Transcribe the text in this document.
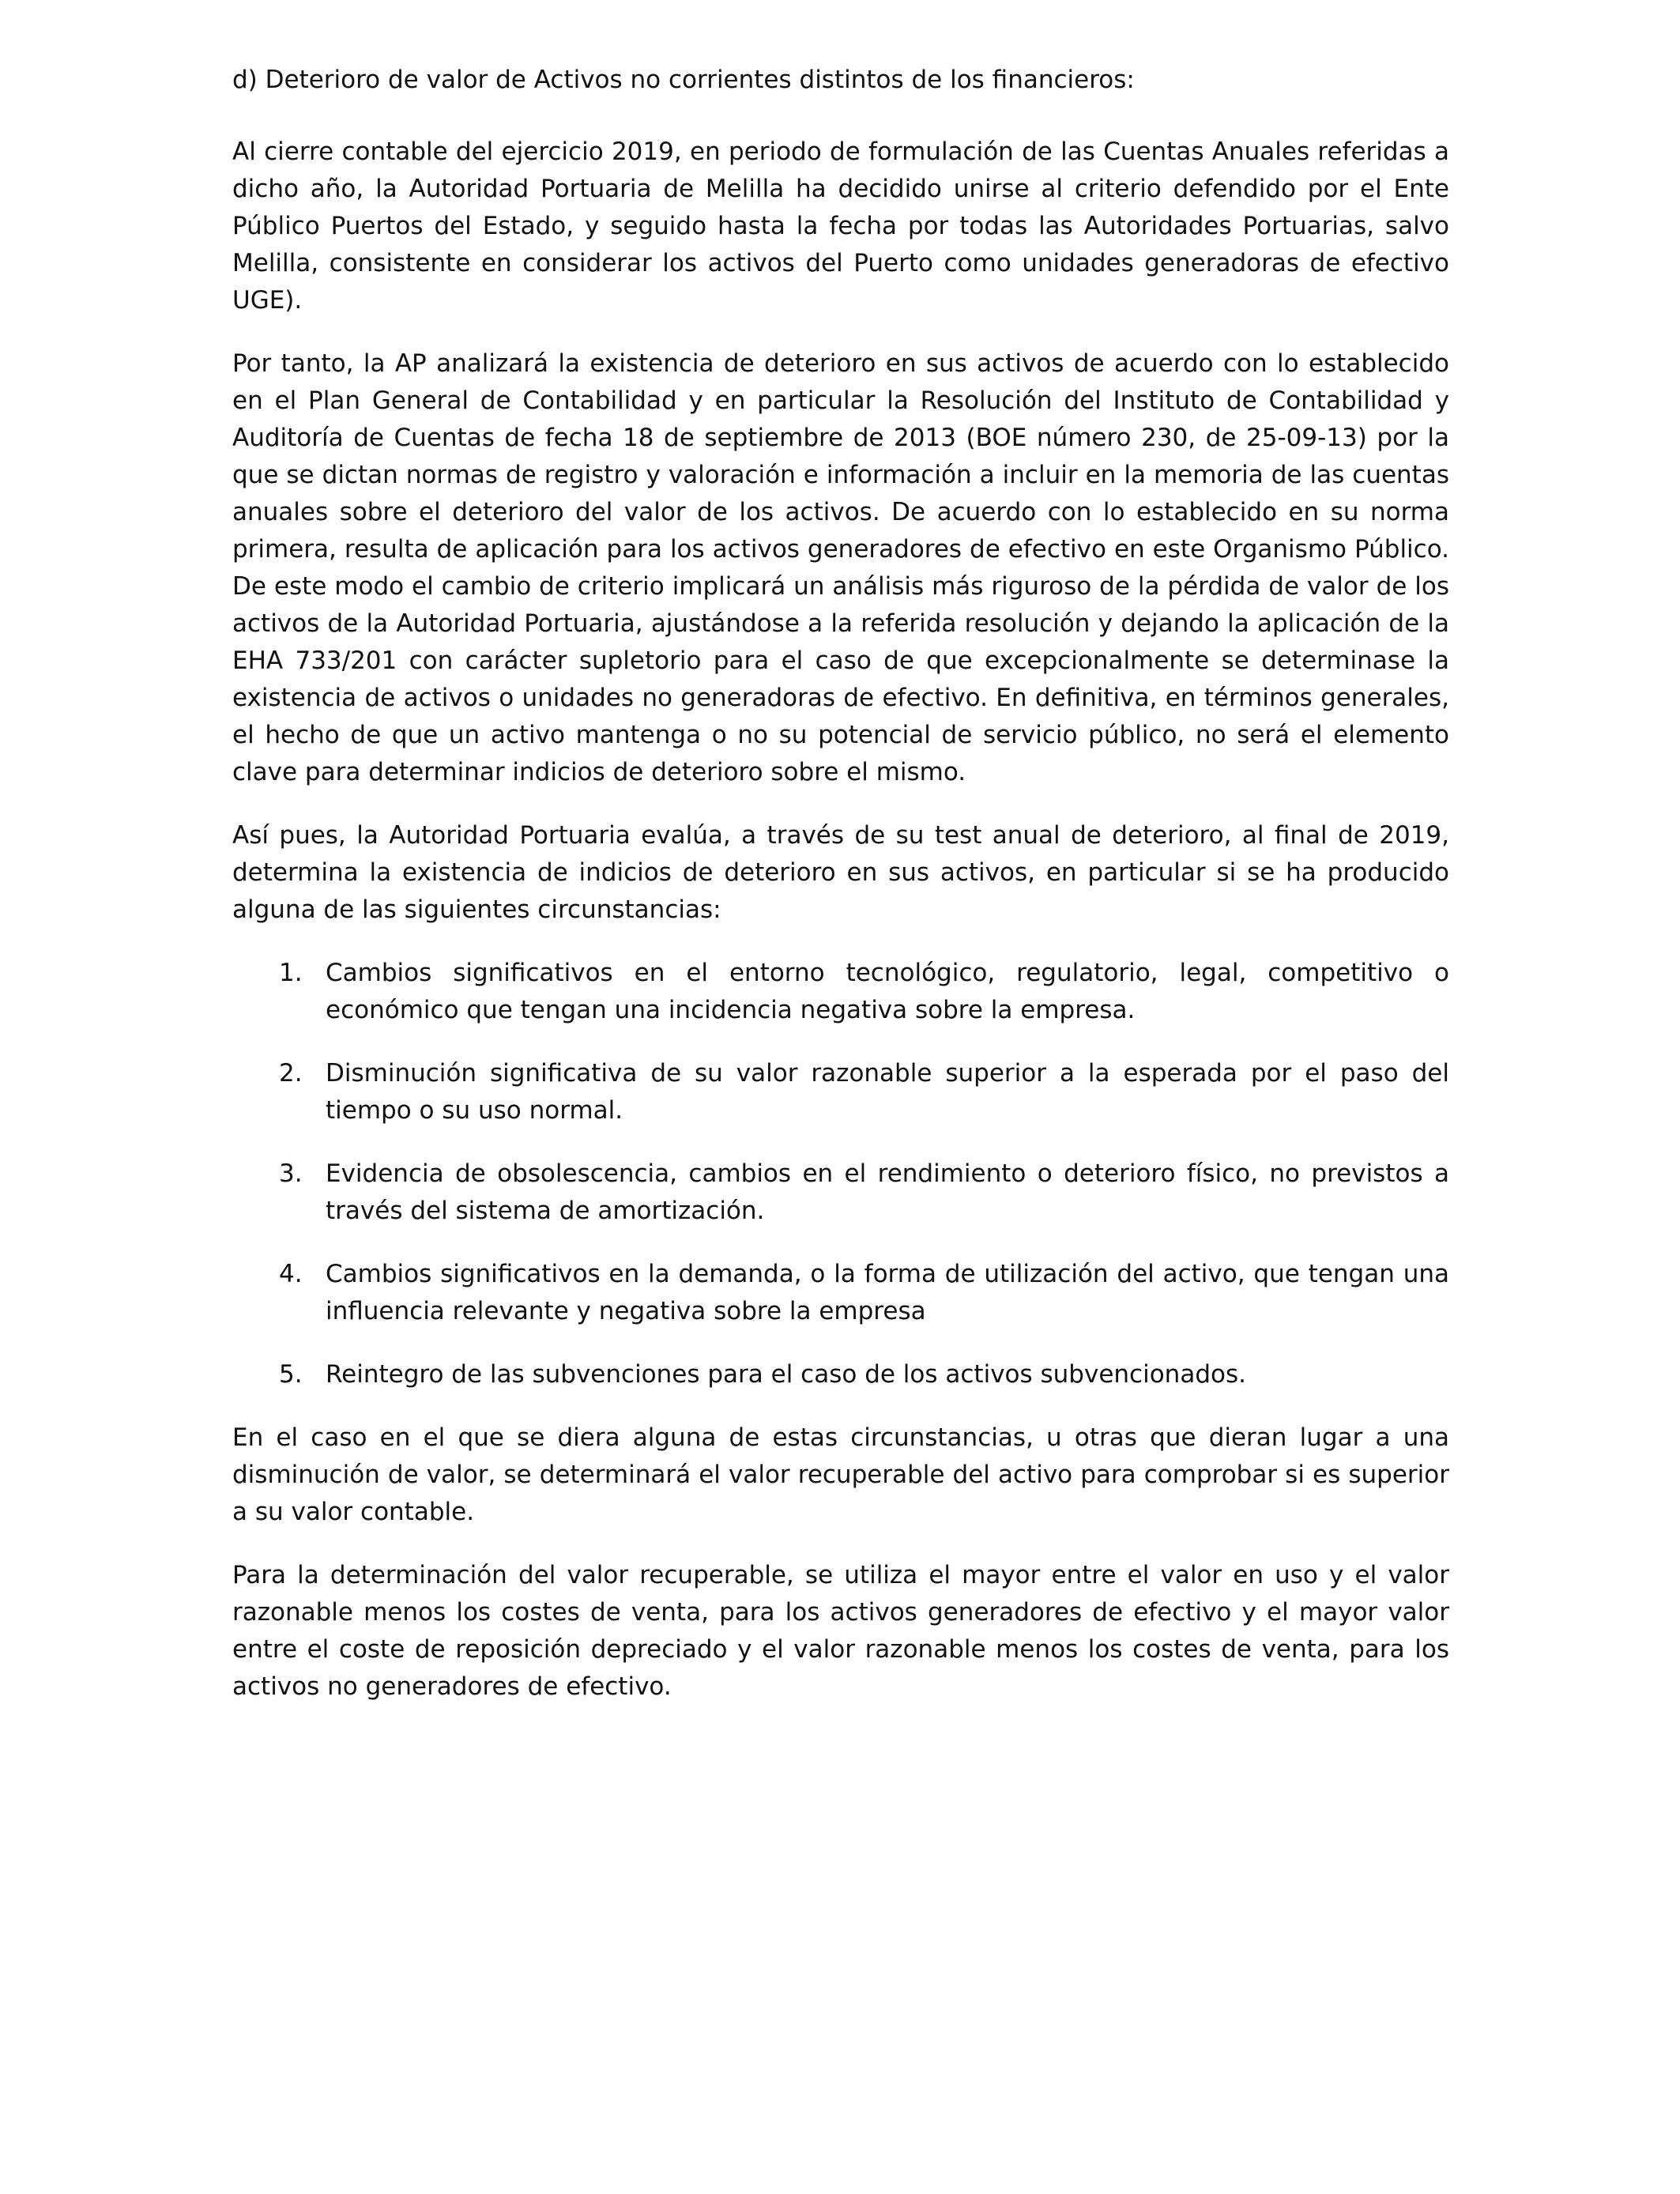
d) Deterioro de valor de Activos no corrientes distintos de los financieros:

Al cierre contable del ejercicio 2019, en periodo de formulación de las Cuentas Anuales referidas a dicho año, la Autoridad Portuaria de Melilla ha decidido unirse al criterio defendido por el Ente Público Puertos del Estado, y seguido hasta la fecha por todas las Autoridades Portuarias, salvo Melilla, consistente en considerar los activos del Puerto como unidades generadoras de efectivo UGE).

Por tanto, la AP analizará la existencia de deterioro en sus activos de acuerdo con lo establecido en el Plan General de Contabilidad y en particular la Resolución del Instituto de Contabilidad y Auditoría de Cuentas de fecha 18 de septiembre de 2013 (BOE número 230, de 25-09-13) por la que se dictan normas de registro y valoración e información a incluir en la memoria de las cuentas anuales sobre el deterioro del valor de los activos. De acuerdo con lo establecido en su norma primera, resulta de aplicación para los activos generadores de efectivo en este Organismo Público. De este modo el cambio de criterio implicará un análisis más riguroso de la pérdida de valor de los activos de la Autoridad Portuaria, ajustándose a la referida resolución y dejando la aplicación de la EHA 733/201 con carácter supletorio para el caso de que excepcionalmente se determinase la existencia de activos o unidades no generadoras de efectivo. En definitiva, en términos generales, el hecho de que un activo mantenga o no su potencial de servicio público, no será el elemento clave para determinar indicios de deterioro sobre el mismo.

Así pues, la Autoridad Portuaria evalúa, a través de su test anual de deterioro, al final de 2019, determina la existencia de indicios de deterioro en sus activos, en particular si se ha producido alguna de las siguientes circunstancias:

1. Cambios significativos en el entorno tecnológico, regulatorio, legal, competitivo o económico que tengan una incidencia negativa sobre la empresa.
2. Disminución significativa de su valor razonable superior a la esperada por el paso del tiempo o su uso normal.
3. Evidencia de obsolescencia, cambios en el rendimiento o deterioro físico, no previstos a través del sistema de amortización.
4. Cambios significativos en la demanda, o la forma de utilización del activo, que tengan una influencia relevante y negativa sobre la empresa
5. Reintegro de las subvenciones para el caso de los activos subvencionados.

En el caso en el que se diera alguna de estas circunstancias, u otras que dieran lugar a una disminución de valor, se determinará el valor recuperable del activo para comprobar si es superior a su valor contable.

Para la determinación del valor recuperable, se utiliza el mayor entre el valor en uso y el valor razonable menos los costes de venta, para los activos generadores de efectivo y el mayor valor entre el coste de reposición depreciado y el valor razonable menos los costes de venta, para los activos no generadores de efectivo.
